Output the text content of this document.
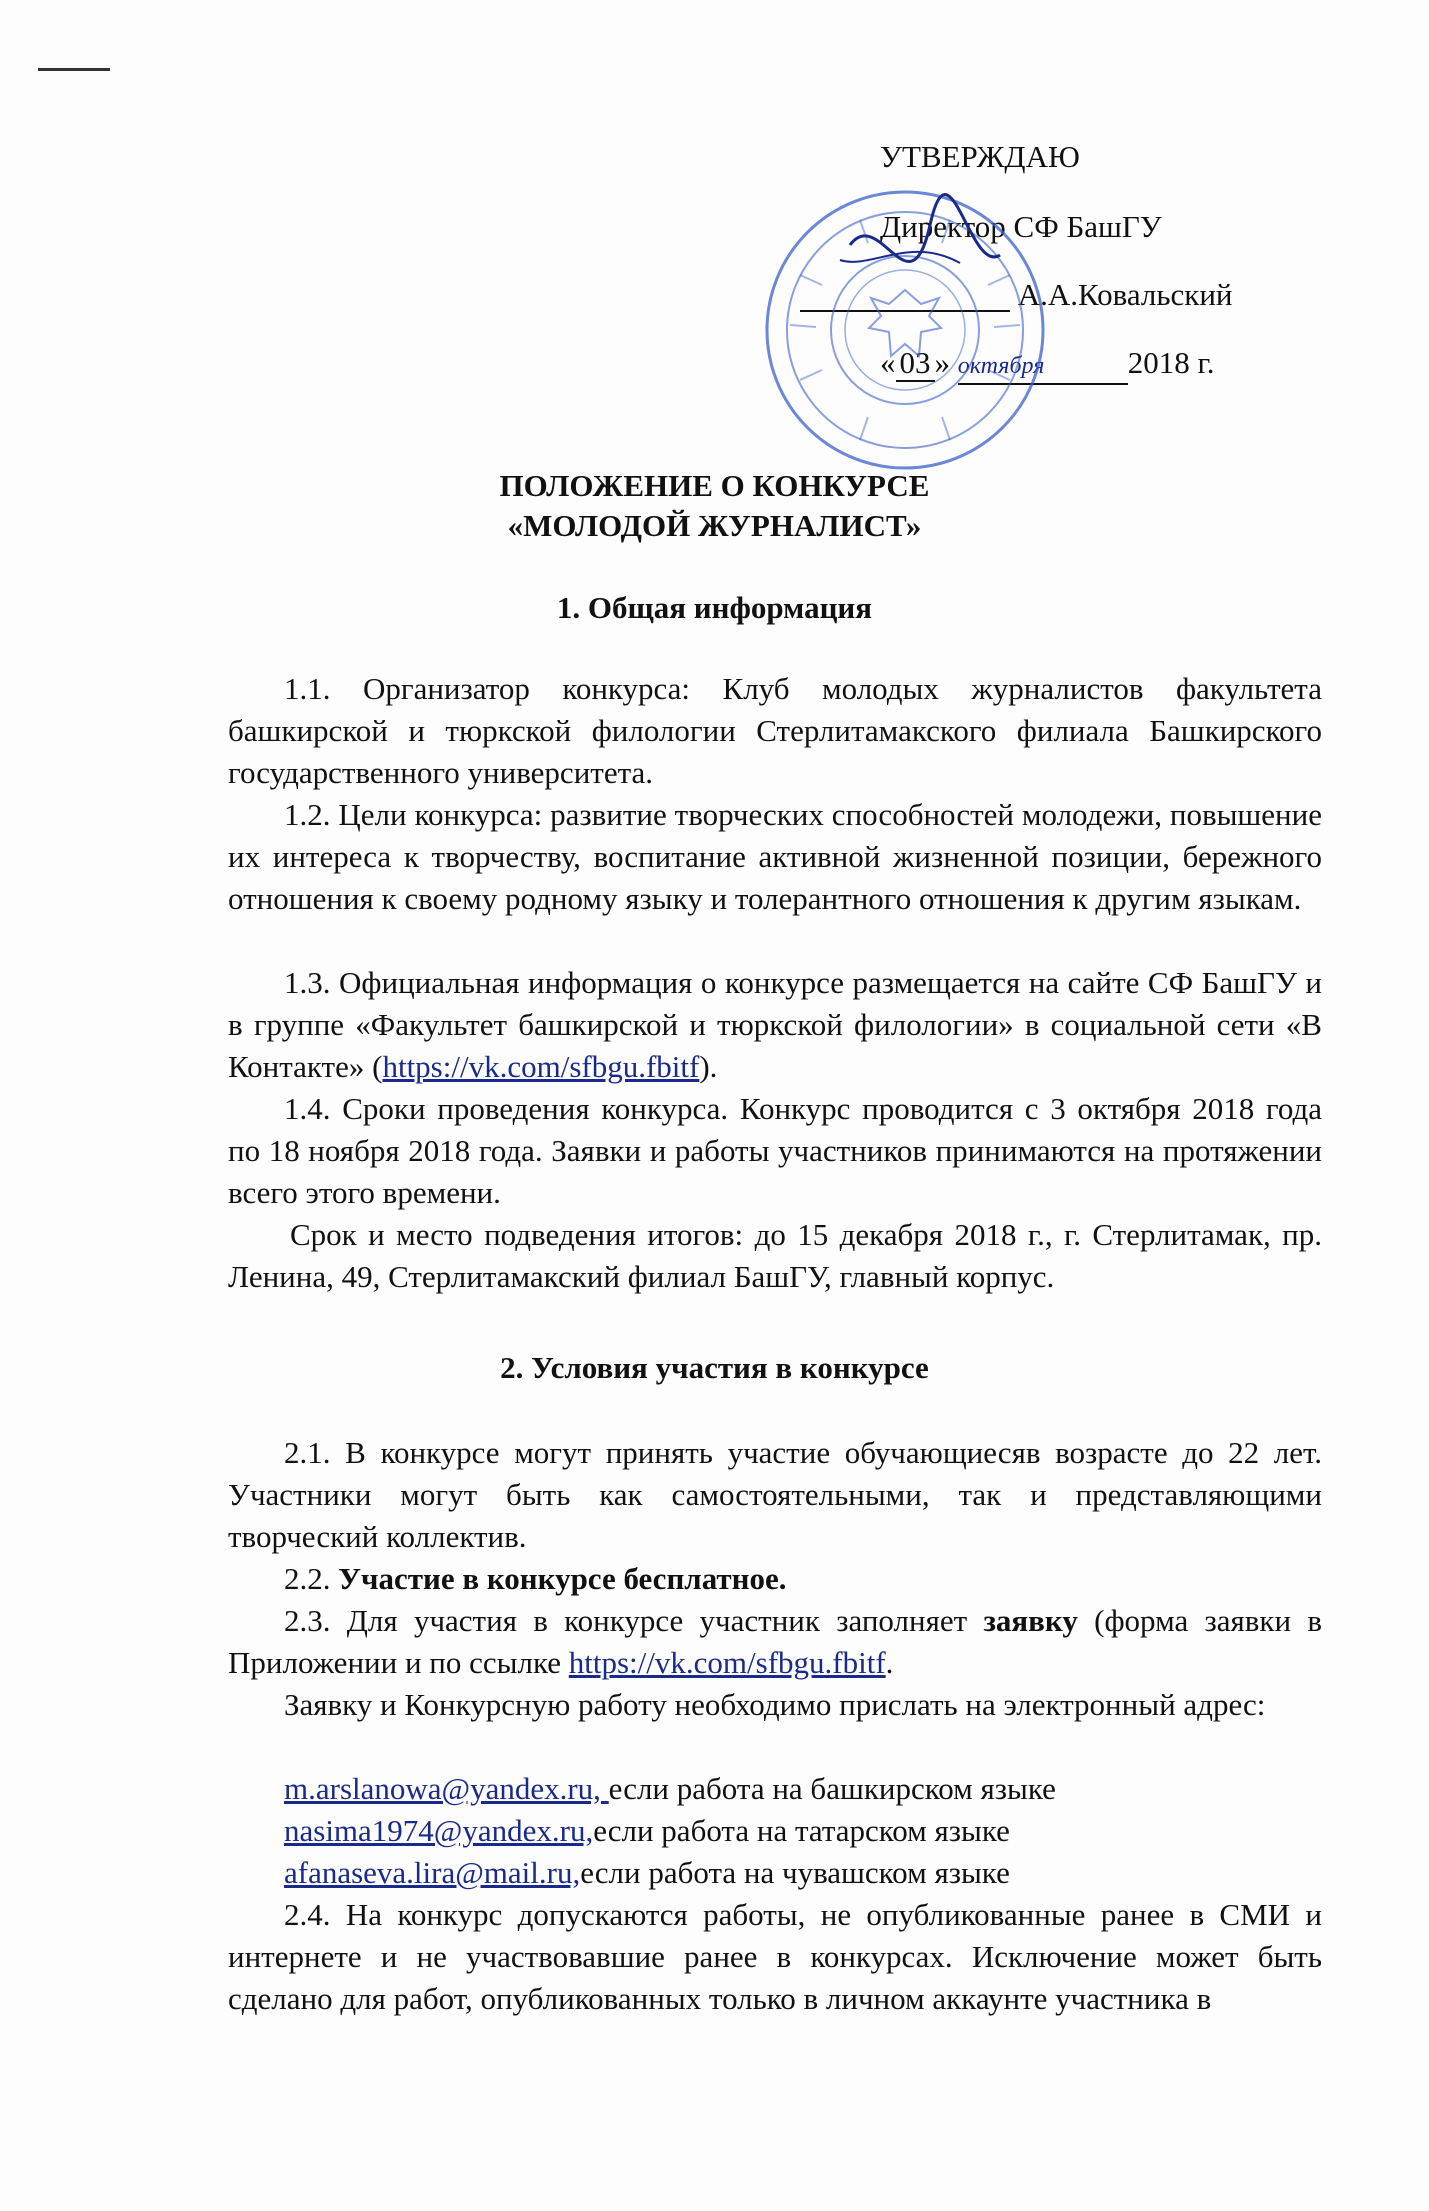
УТВЕРЖДАЮ
Директор СФ БашГУ
А.А.Ковальский
« 03 » октября	2018 г.
ПОЛОЖЕНИЕ О КОНКУРСЕ
«МОЛОДОЙ ЖУРНАЛИСТ»
1. Общая информация
1.1. Организатор конкурса: Клуб молодых журналистов факультета башкирской и тюркской филологии Стерлитамакского филиала Башкирского государственного университета.
1.2. Цели конкурса: развитие творческих способностей молодежи, повышение их интереса к творчеству, воспитание активной жизненной позиции, бережного отношения к своему родному языку и толерантного отношения к другим языкам.
1.3. Официальная информация о конкурсе размещается на сайте СФ БашГУ и в группе «Факультет башкирской и тюркской филологии» в социальной сети «В Контакте» (https://vk.com/sfbgu.fbitf).
1.4. Сроки проведения конкурса. Конкурс проводится с 3 октября 2018 года по 18 ноября 2018 года. Заявки и работы участников принимаются на протяжении всего этого времени.
Срок и место подведения итогов: до 15 декабря 2018 г., г. Стерлитамак, пр. Ленина, 49, Стерлитамакский филиал БашГУ, главный корпус.
2. Условия участия в конкурсе
2.1. В конкурсе могут принять участие обучающиесяв возрасте до 22 лет. Участники могут быть как самостоятельными, так и представляющими творческий коллектив.
2.2. Участие в конкурсе бесплатное.
2.3. Для участия в конкурсе участник заполняет заявку (форма заявки в Приложении и по ссылке https://vk.com/sfbgu.fbitf.
Заявку и Конкурсную работу необходимо прислать на электронный адрес:
m.arslanowa@yandex.ru, если работа на башкирском языке
nasima1974@yandex.ru,если работа на татарском языке
afanaseva.lira@mail.ru,если работа на чувашском языке
2.4. На конкурс допускаются работы, не опубликованные ранее в СМИ и интернете и не участвовавшие ранее в конкурсах. Исключение может быть сделано для работ, опубликованных только в личном аккаунте участника в
